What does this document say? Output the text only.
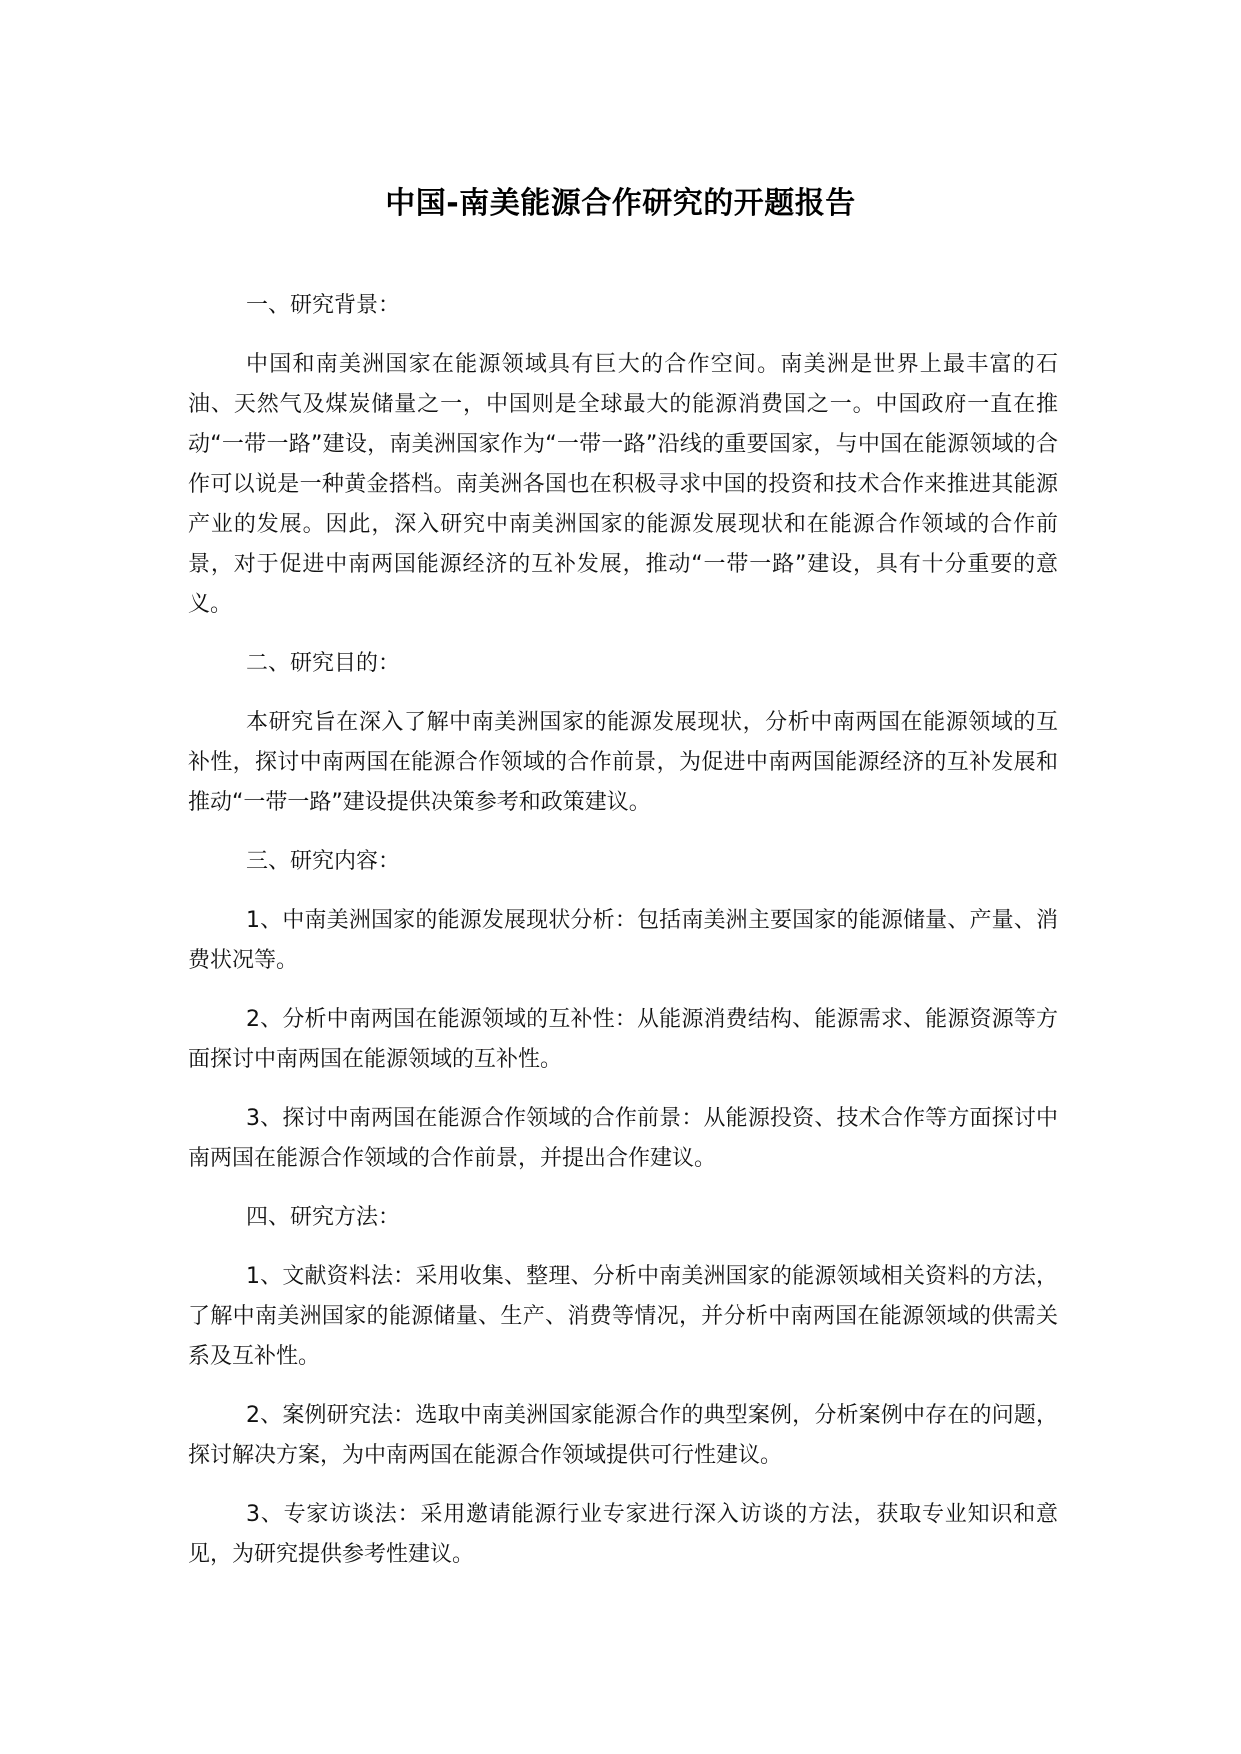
中国-南美能源合作研究的开题报告

一、研究背景：

中国和南美洲国家在能源领域具有巨大的合作空间。南美洲是世界上最丰富的石油、天然气及煤炭储量之一，中国则是全球最大的能源消费国之一。中国政府一直在推动“一带一路”建设，南美洲国家作为“一带一路”沿线的重要国家，与中国在能源领域的合作可以说是一种黄金搭档。南美洲各国也在积极寻求中国的投资和技术合作来推进其能源产业的发展。因此，深入研究中南美洲国家的能源发展现状和在能源合作领域的合作前景，对于促进中南两国能源经济的互补发展，推动“一带一路”建设，具有十分重要的意义。

二、研究目的：

本研究旨在深入了解中南美洲国家的能源发展现状，分析中南两国在能源领域的互补性，探讨中南两国在能源合作领域的合作前景，为促进中南两国能源经济的互补发展和推动“一带一路”建设提供决策参考和政策建议。

三、研究内容：

1、中南美洲国家的能源发展现状分析：包括南美洲主要国家的能源储量、产量、消费状况等。

2、分析中南两国在能源领域的互补性：从能源消费结构、能源需求、能源资源等方面探讨中南两国在能源领域的互补性。

3、探讨中南两国在能源合作领域的合作前景：从能源投资、技术合作等方面探讨中南两国在能源合作领域的合作前景，并提出合作建议。

四、研究方法：

1、文献资料法：采用收集、整理、分析中南美洲国家的能源领域相关资料的方法，了解中南美洲国家的能源储量、生产、消费等情况，并分析中南两国在能源领域的供需关系及互补性。

2、案例研究法：选取中南美洲国家能源合作的典型案例，分析案例中存在的问题，探讨解决方案，为中南两国在能源合作领域提供可行性建议。

3、专家访谈法：采用邀请能源行业专家进行深入访谈的方法，获取专业知识和意见，为研究提供参考性建议。
